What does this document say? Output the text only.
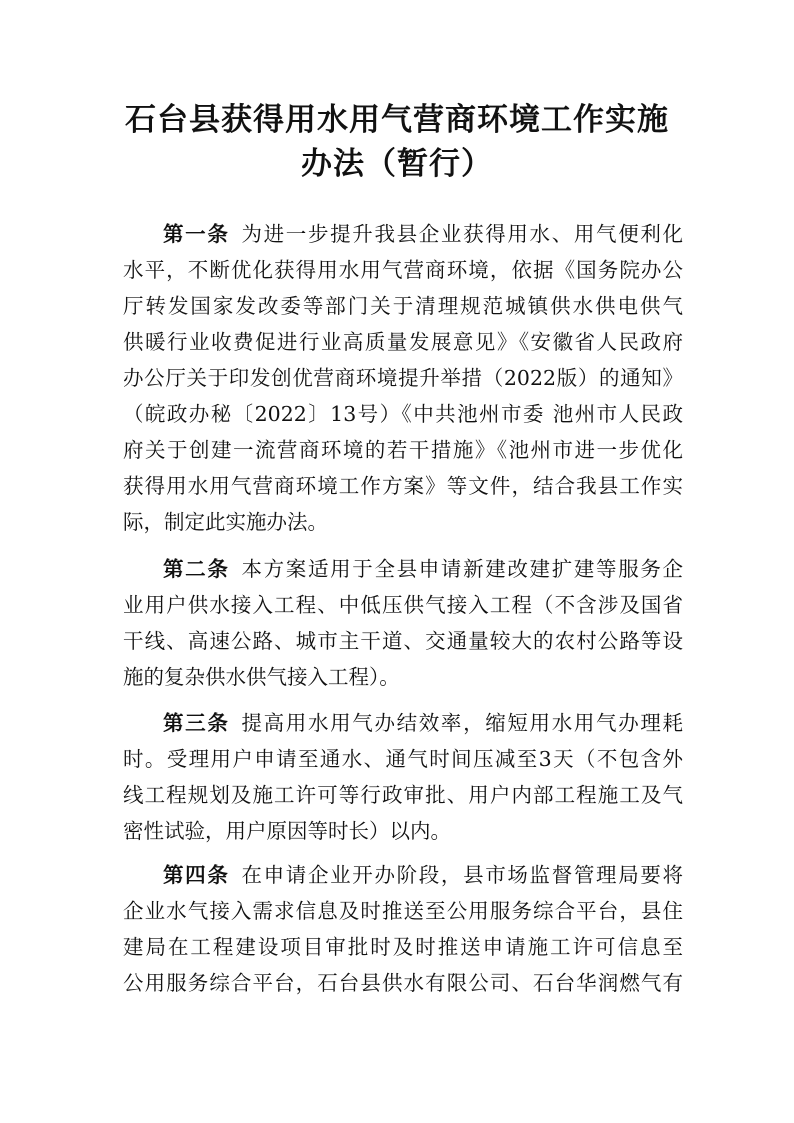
石台县获得用水用气营商环境工作实施
办法（暂行）
第一条 为进一步提升我县企业获得用水、用气便利化
水平，不断优化获得用水用气营商环境，依据《国务院办公
厅转发国家发改委等部门关于清理规范城镇供水供电供气
供暖行业收费促进行业高质量发展意见》《安徽省人民政府
办公厅关于印发创优营商环境提升举措（2022版）的通知》
（皖政办秘〔2022〕13号）《中共池州市委 池州市人民政
府关于创建一流营商环境的若干措施》《池州市进一步优化
获得用水用气营商环境工作方案》等文件，结合我县工作实
际，制定此实施办法。
第二条 本方案适用于全县申请新建改建扩建等服务企
业用户供水接入工程、中低压供气接入工程（不含涉及国省
干线、高速公路、城市主干道、交通量较大的农村公路等设
施的复杂供水供气接入工程）。
第三条 提高用水用气办结效率，缩短用水用气办理耗
时。受理用户申请至通水、通气时间压减至3天（不包含外
线工程规划及施工许可等行政审批、用户内部工程施工及气
密性试验，用户原因等时长）以内。
第四条 在申请企业开办阶段，县市场监督管理局要将
企业水气接入需求信息及时推送至公用服务综合平台，县住
建局在工程建设项目审批时及时推送申请施工许可信息至
公用服务综合平台，石台县供水有限公司、石台华润燃气有
